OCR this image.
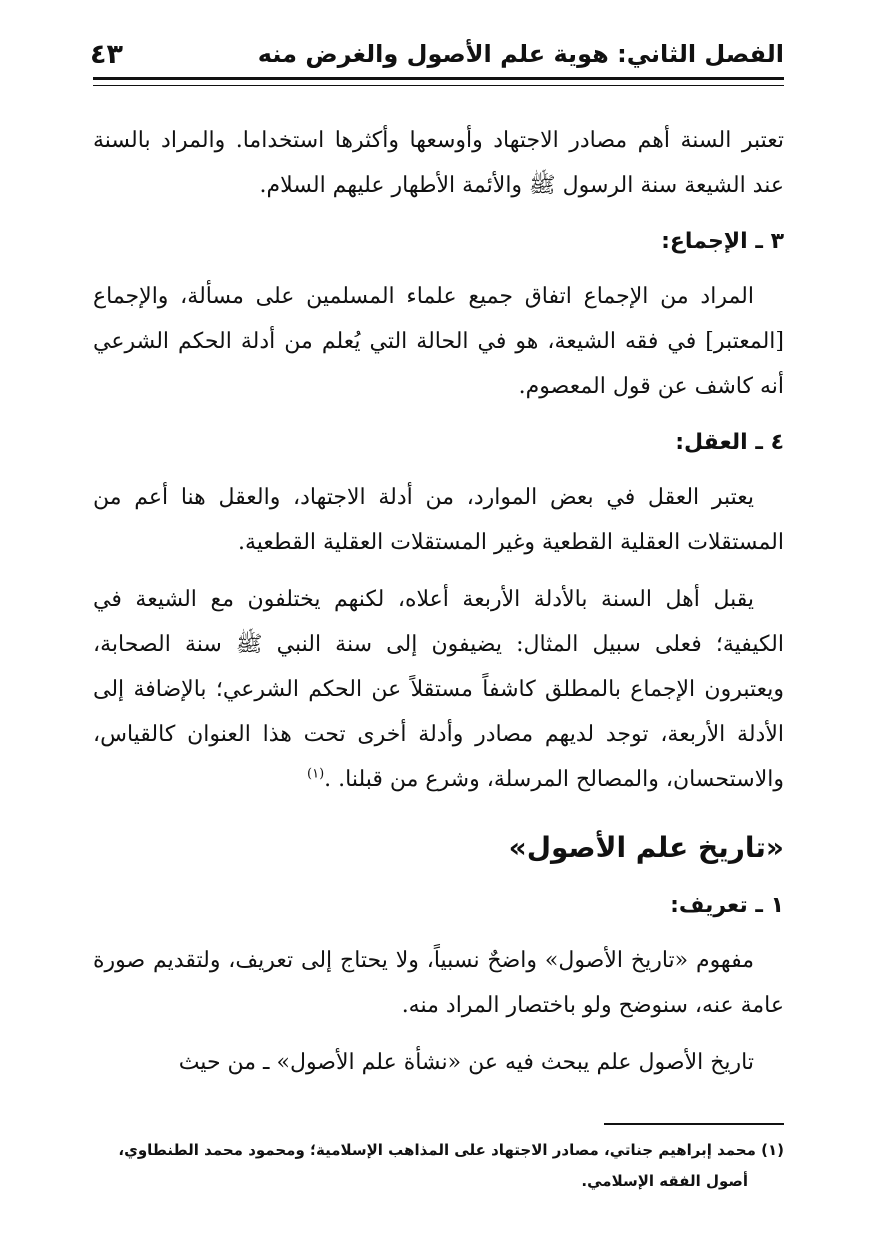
الفصل الثاني: هوية علم الأصول والغرض منه
٤٣

تعتبر السنة أهم مصادر الاجتهاد وأوسعها وأكثرها استخداما. والمراد بالسنة عند الشيعة سنة الرسول ﷺ والأئمة الأطهار عليهم السلام.

٣ ـ الإجماع:

المراد من الإجماع اتفاق جميع علماء المسلمين على مسألة، والإجماع [المعتبر] في فقه الشيعة، هو في الحالة التي يُعلم من أدلة الحكم الشرعي أنه كاشف عن قول المعصوم.

٤ ـ العقل:

يعتبر العقل في بعض الموارد، من أدلة الاجتهاد، والعقل هنا أعم من المستقلات العقلية القطعية وغير المستقلات العقلية القطعية.

يقبل أهل السنة بالأدلة الأربعة أعلاه، لكنهم يختلفون مع الشيعة في الكيفية؛ فعلى سبيل المثال: يضيفون إلى سنة النبي ﷺ سنة الصحابة، ويعتبرون الإجماع بالمطلق كاشفاً مستقلاً عن الحكم الشرعي؛ بالإضافة إلى الأدلة الأربعة، توجد لديهم مصادر وأدلة أخرى تحت هذا العنوان كالقياس، والاستحسان، والمصالح المرسلة، وشرع من قبلنا. .$^{(١)}$

«تاريخ علم الأصول»
١ ـ تعريف:

مفهوم «تاريخ الأصول» واضحٌ نسبياً، ولا يحتاج إلى تعريف، ولتقديم صورة عامة عنه، سنوضح ولو باختصار المراد منه.

تاريخ الأصول علم يبحث فيه عن «نشأة علم الأصول» ـ من حيث

(١) محمد إبراهيم جناتي، مصادر الاجتهاد على المذاهب الإسلامية؛ ومحمود محمد الطنطاوي،
أصول الفقه الإسلامي.
